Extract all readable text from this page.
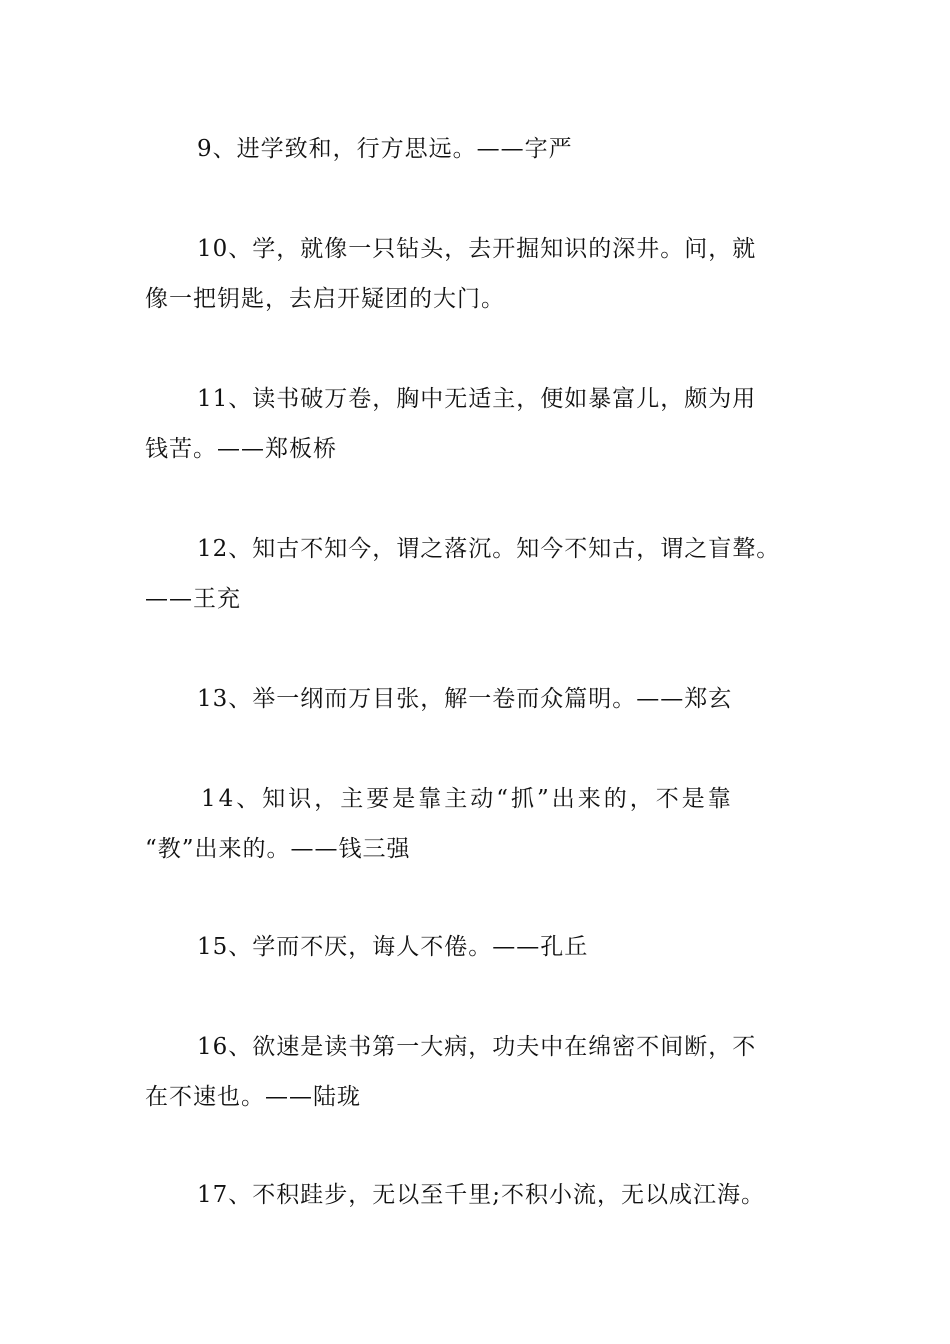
9、进学致和，行方思远。——字严
10、学，就像一只钻头，去开掘知识的深井。问，就
像一把钥匙，去启开疑团的大门。
11、读书破万卷，胸中无适主，便如暴富儿，颇为用
钱苦。——郑板桥
12、知古不知今，谓之落沉。知今不知古，谓之盲聱。
——王充
13、举一纲而万目张，解一卷而众篇明。——郑玄
14、知识，主要是靠主动“抓”出来的，不是靠
“教”出来的。——钱三强
15、学而不厌，诲人不倦。——孔丘
16、欲速是读书第一大病，功夫中在绵密不间断，不
在不速也。——陆珑
17、不积跬步，无以至千里;不积小流，无以成江海。
